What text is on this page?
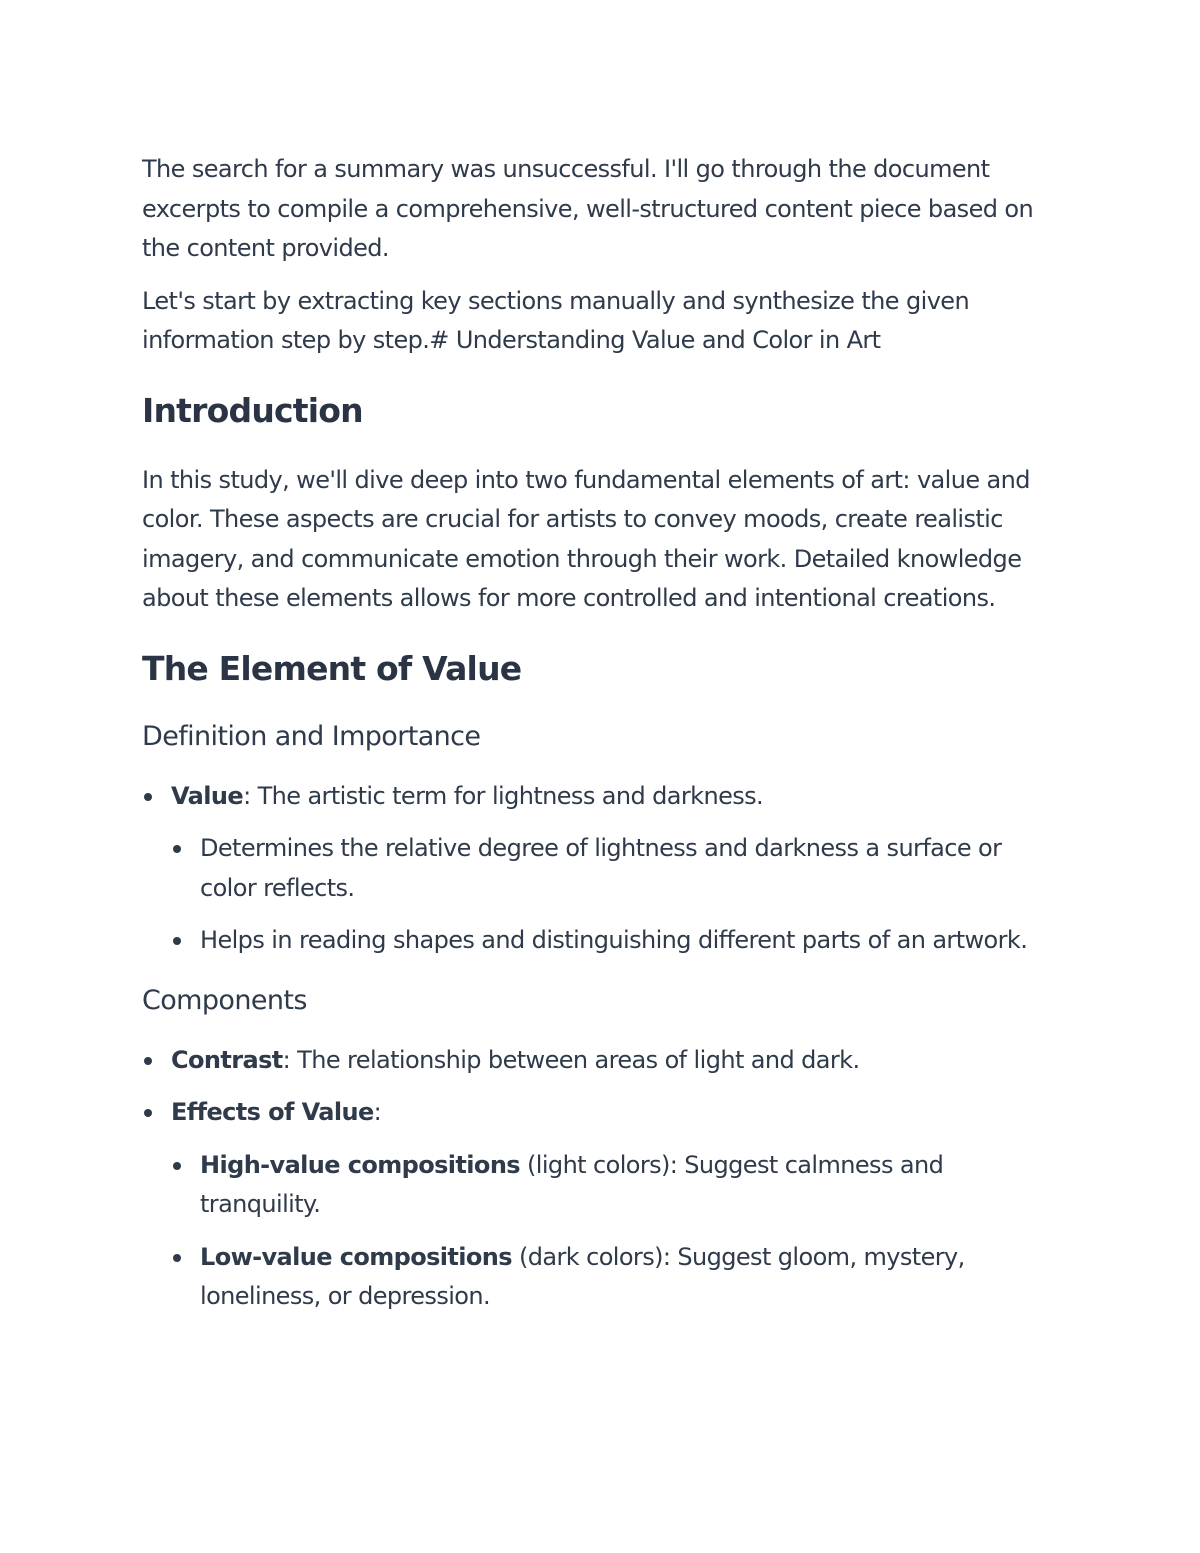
The search for a summary was unsuccessful. I'll go through the document excerpts to compile a comprehensive, well-structured content piece based on the content provided.

Let's start by extracting key sections manually and synthesize the given information step by step.# Understanding Value and Color in Art

Introduction

In this study, we'll dive deep into two fundamental elements of art: value and color. These aspects are crucial for artists to convey moods, create realistic imagery, and communicate emotion through their work. Detailed knowledge about these elements allows for more controlled and intentional creations.

The Element of Value
Definition and Importance
Value: The artistic term for lightness and darkness.
Determines the relative degree of lightness and darkness a surface or color reflects.
Helps in reading shapes and distinguishing different parts of an artwork.
Components
Contrast: The relationship between areas of light and dark.
Effects of Value:
High-value compositions (light colors): Suggest calmness and tranquility.
Low-value compositions (dark colors): Suggest gloom, mystery, loneliness, or depression.
